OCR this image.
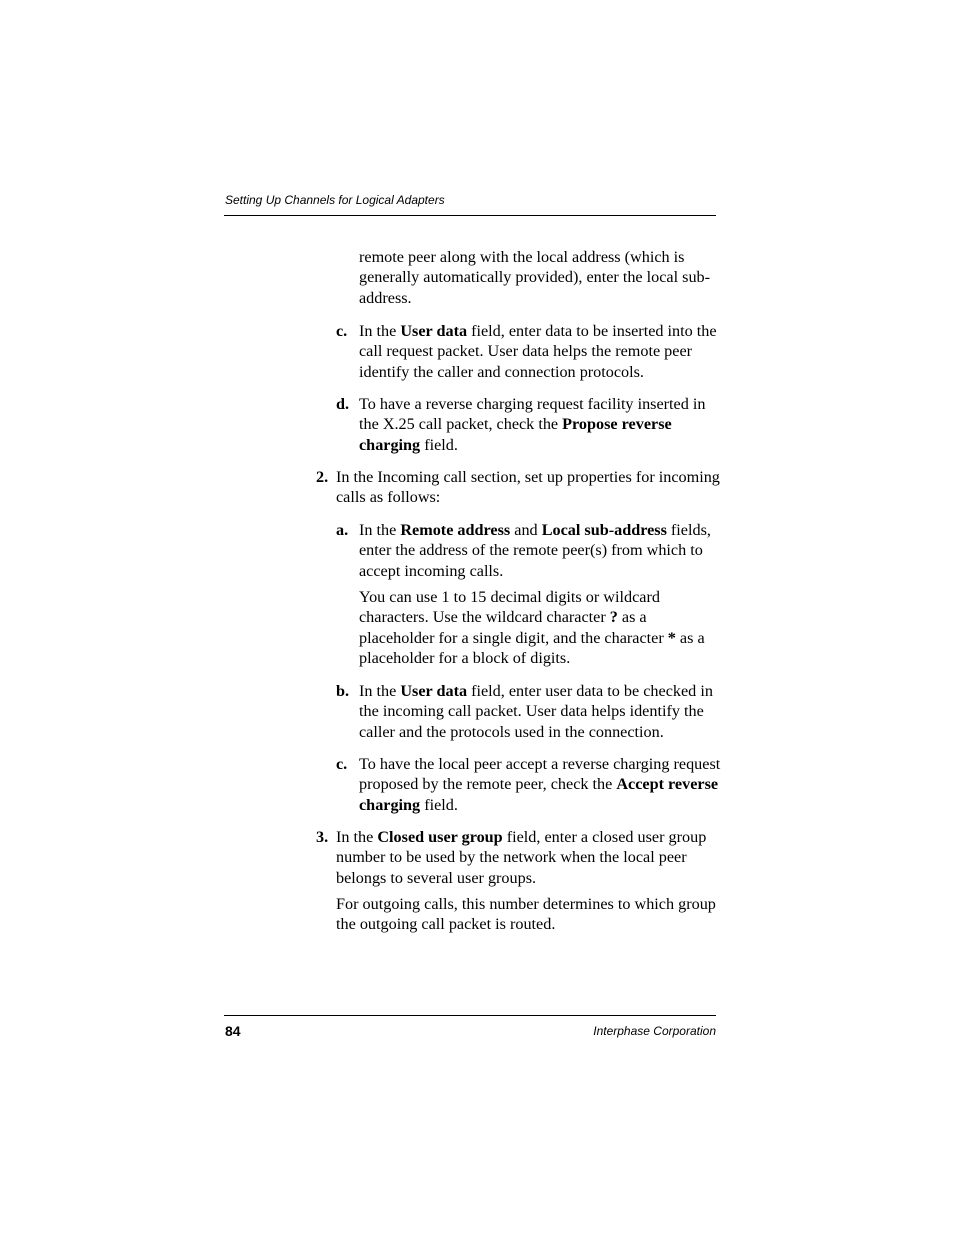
Setting Up Channels for Logical Adapters

remote peer along with the local address (which is generally automatically provided), enter the local sub-address.

c. In the User data field, enter data to be inserted into the call request packet. User data helps the remote peer identify the caller and connection protocols.

d. To have a reverse charging request facility inserted in the X.25 call packet, check the Propose reverse charging field.

2. In the Incoming call section, set up properties for incoming calls as follows:

a. In the Remote address and Local sub-address fields, enter the address of the remote peer(s) from which to accept incoming calls.

You can use 1 to 15 decimal digits or wildcard characters. Use the wildcard character ? as a placeholder for a single digit, and the character * as a placeholder for a block of digits.

b. In the User data field, enter user data to be checked in the incoming call packet. User data helps identify the caller and the protocols used in the connection.

c. To have the local peer accept a reverse charging request proposed by the remote peer, check the Accept reverse charging field.

3. In the Closed user group field, enter a closed user group number to be used by the network when the local peer belongs to several user groups.

For outgoing calls, this number determines to which group the outgoing call packet is routed.

84	Interphase Corporation
